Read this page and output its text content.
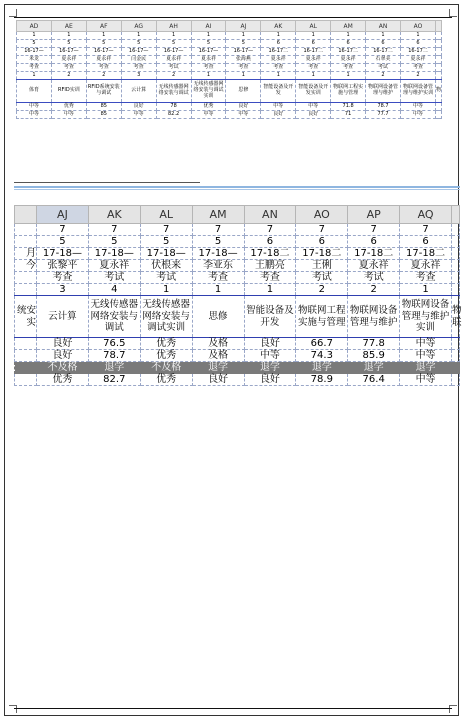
AD	AE	AF	AG	AH	AI	AJ	AK	AL	AM	AN	AO	
1	1	1	1	1	1	1	1	1	1	1	1	
5	5	5	5	5	5	5	6	6	6	6	6	
16-17—	16-17—	16-17—	16-17—	16-17—	16-17—	16-17—	16-17二	16-17二	16-17二	16-17二	16-17二	
米龙	夏永祥	夏永祥	闫金民	夏永祥	夏永祥	张海燕	夏永祥	夏永祥	夏永祥	石翠美	夏永祥	
考查	考查	考查	考查	考试	考查	考查	考查	考查	考查	考试	考查	
1	2	2	3	2	1	1	1	1	1	2	2	
体育	RFID实训	RFID系统安装与调试	云计算	无线传感器网络安装与调试	无线传感器网络安装与调试实训	思修	智能设备及开发	智能设备及开发实训	物联网工程实施与管理	物联网设备管理与维护	物联网设备管理与维护实训	物
中等	优秀	85	良好	78	优秀	良好	中等	中等	71.8	78.7	中等	
中等	中等	85	中等	82.2	中等	中等	良好	良好	71	77.7	中等	
	AJ	AK	AL	AM	AN	AO	AP	AQ	
	7	7	7	7	7	7	7	7	
	5	5	5	5	6	6	6	6	
月	17-18—	17-18—	17-18—	17-18—	17-18二	17-18二	17-18二	17-18二	
今	张黎平	夏永祥	伏根来	李亚东	王鹏亮	王俐	夏永祥	夏永祥	
	考查	考试	考试	考查	考查	考试	考试	考查	
	3	4	1	1	1	2	2	1	
统安实	云计算	无线传感器网络安装与调试	无线传感器网络安装与调试实训	思修	智能设备及开发	物联网工程实施与管理	物联网设备管理与维护	物联网设备管理与维护实训	物联
	良好	76.5	优秀	及格	良好	66.7	77.8	中等	
	良好	78.7	优秀	及格	中等	74.3	85.9	中等	
	不及格	退学	不及格	退学	退学	退学	退学	退学	
	优秀	82.7	优秀	良好	良好	78.9	76.4	中等	
